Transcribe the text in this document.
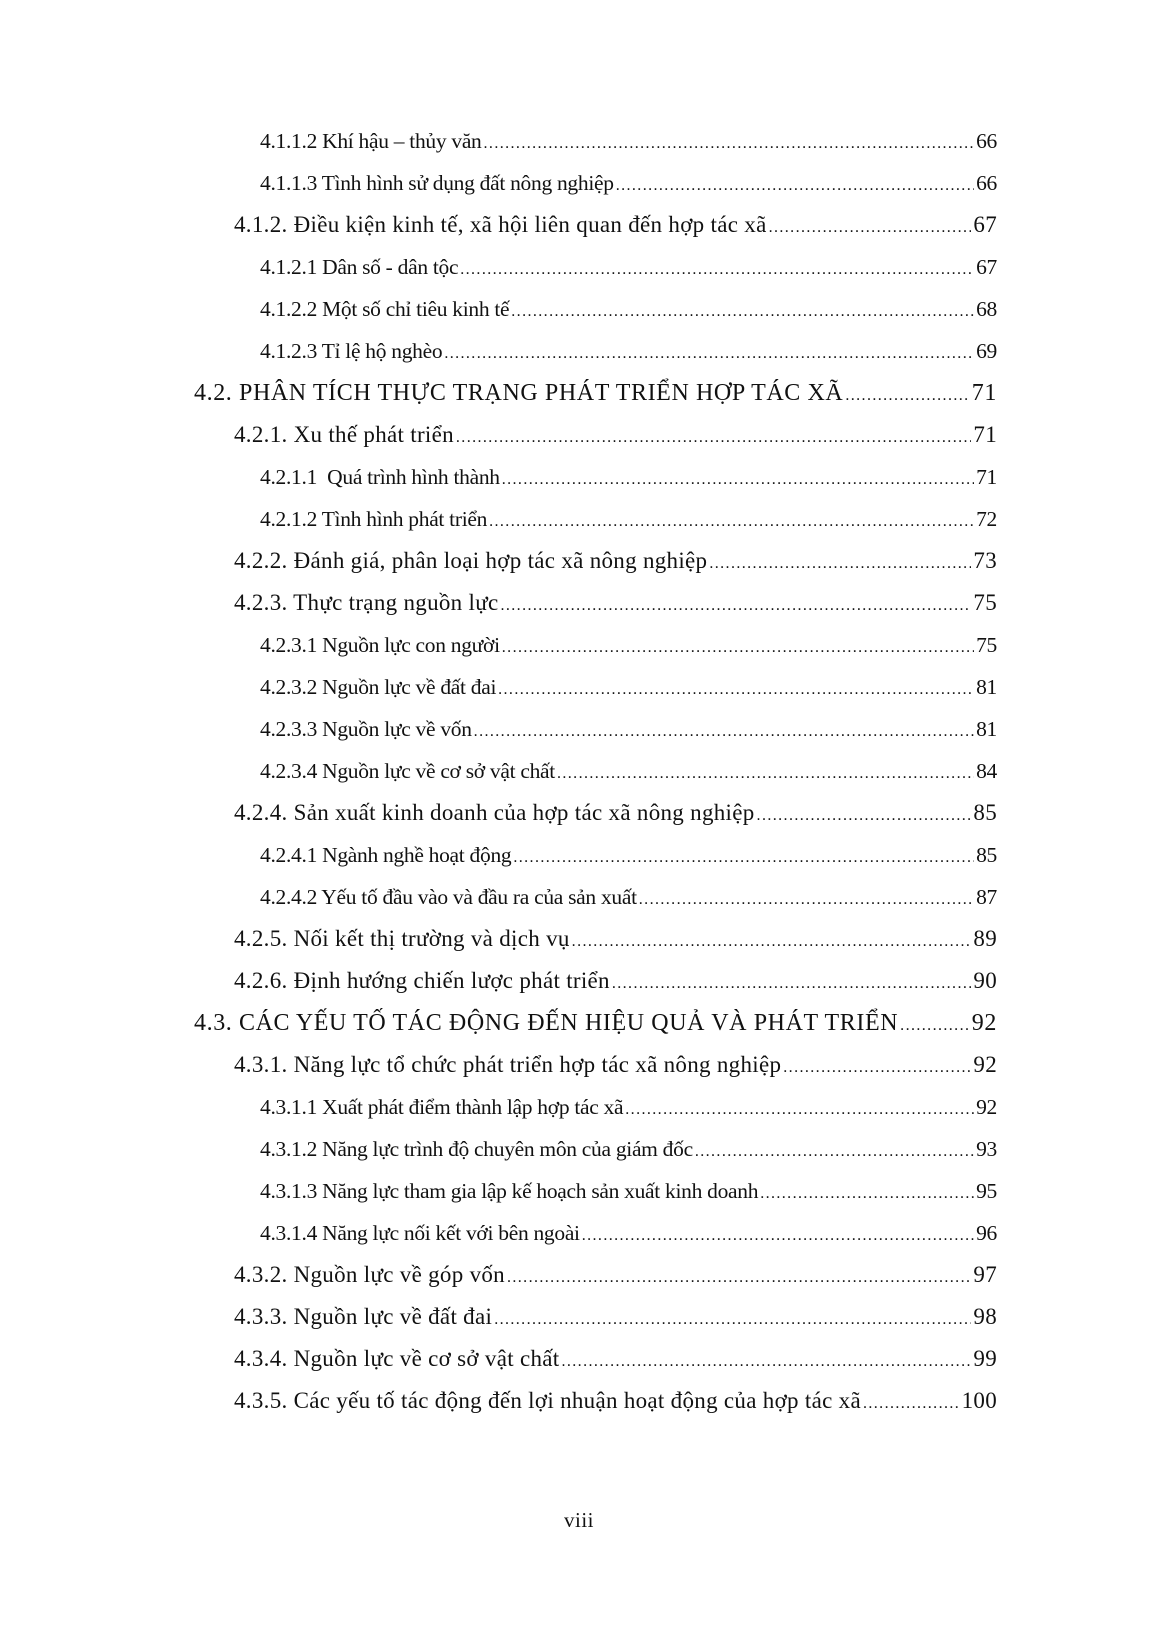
4.1.1.2 Khí hậu – thủy văn .....	66
4.1.1.3 Tình hình sử dụng đất nông nghiệp .....	66
4.1.2. Điều kiện kinh tế, xã hội liên quan đến hợp tác xã .....	67
4.1.2.1 Dân số - dân tộc .....	67
4.1.2.2 Một số chỉ tiêu kinh tế .....	68
4.1.2.3 Tỉ lệ hộ nghèo .....	69
4.2. PHÂN TÍCH THỰC TRẠNG PHÁT TRIỂN HỢP TÁC XÃ .....	71
4.2.1. Xu thế phát triển .....	71
4.2.1.1  Quá trình hình thành .....	71
4.2.1.2 Tình hình phát triển .....	72
4.2.2. Đánh giá, phân loại hợp tác xã nông nghiệp .....	73
4.2.3. Thực trạng nguồn lực .....	75
4.2.3.1 Nguồn lực con người .....	75
4.2.3.2 Nguồn lực về đất đai .....	81
4.2.3.3 Nguồn lực về vốn .....	81
4.2.3.4 Nguồn lực về cơ sở vật chất .....	84
4.2.4. Sản xuất kinh doanh của hợp tác xã nông nghiệp .....	85
4.2.4.1 Ngành nghề hoạt động .....	85
4.2.4.2 Yếu tố đầu vào và đầu ra của sản xuất .....	87
4.2.5. Nối kết thị trường và dịch vụ .....	89
4.2.6. Định hướng chiến lược phát triển .....	90
4.3. CÁC YẾU TỐ TÁC ĐỘNG ĐẾN HIỆU QUẢ VÀ PHÁT TRIỂN .....	92
4.3.1. Năng lực tổ chức phát triển hợp tác xã nông nghiệp .....	92
4.3.1.1 Xuất phát điểm thành lập hợp tác xã .....	92
4.3.1.2 Năng lực trình độ chuyên môn của giám đốc .....	93
4.3.1.3 Năng lực tham gia lập kế hoạch sản xuất kinh doanh .....	95
4.3.1.4 Năng lực nối kết với bên ngoài .....	96
4.3.2. Nguồn lực về góp vốn .....	97
4.3.3. Nguồn lực về đất đai .....	98
4.3.4. Nguồn lực về cơ sở vật chất .....	99
4.3.5. Các yếu tố tác động đến lợi nhuận hoạt động của hợp tác xã .....	100
viii
